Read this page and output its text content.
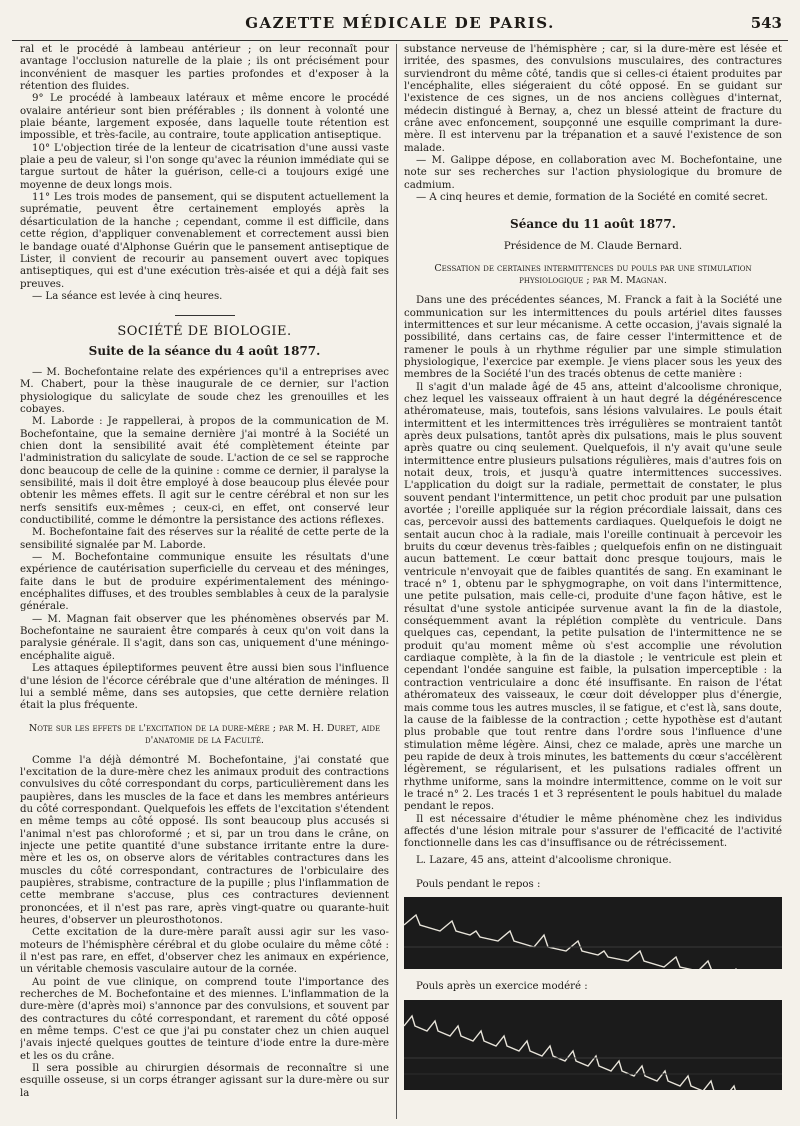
GAZETTE MÉDICALE DE PARIS.	543

ral et le procédé à lambeau antérieur ; on leur reconnaît pour avantage l'occlusion naturelle de la plaie ; ils ont précisément pour inconvénient de masquer les parties profondes et d'exposer à la rétention des fluides.

9° Le procédé à lambeaux latéraux et même encore le procédé ovalaire antérieur sont bien préférables ; ils donnent à volonté une plaie béante, largement exposée, dans laquelle toute rétention est impossible, et très-facile, au contraire, toute application antiseptique.

10° L'objection tirée de la lenteur de cicatrisation d'une aussi vaste plaie a peu de valeur, si l'on songe qu'avec la réunion immédiate qui se targue surtout de hâter la guérison, celle-ci a toujours exigé une moyenne de deux longs mois.

11° Les trois modes de pansement, qui se disputent actuellement la suprématie, peuvent être certainement employés après la désarticulation de la hanche ; cependant, comme il est difficile, dans cette région, d'appliquer convenablement et correctement aussi bien le bandage ouaté d'Alphonse Guérin que le pansement antiseptique de Lister, il convient de recourir au pansement ouvert avec topiques antiseptiques, qui est d'une exécution très-aisée et qui a déjà fait ses preuves.

— La séance est levée à cinq heures.

SOCIÉTÉ DE BIOLOGIE.
Suite de la séance du 4 août 1877.

— M. Bochefontaine relate des expériences qu'il a entreprises avec M. Chabert, pour la thèse inaugurale de ce dernier, sur l'action physiologique du salicylate de soude chez les grenouilles et les cobayes.

M. Laborde : Je rappellerai, à propos de la communication de M. Bochefontaine, que la semaine dernière j'ai montré à la Société un chien dont la sensibilité avait été complètement éteinte par l'administration du salicylate de soude. L'action de ce sel se rapproche donc beaucoup de celle de la quinine : comme ce dernier, il paralyse la sensibilité, mais il doit être employé à dose beaucoup plus élevée pour obtenir les mêmes effets. Il agit sur le centre cérébral et non sur les nerfs sensitifs eux-mêmes ; ceux-ci, en effet, ont conservé leur conductibilité, comme le démontre la persistance des actions réflexes.

M. Bochefontaine fait des réserves sur la réalité de cette perte de la sensibilité signalée par M. Laborde.

— M. Bochefontaine communique ensuite les résultats d'une expérience de cautérisation superficielle du cerveau et des méninges, faite dans le but de produire expérimentalement des méningo-encéphalites diffuses, et des troubles semblables à ceux de la paralysie générale.

— M. Magnan fait observer que les phénomènes observés par M. Bochefontaine ne sauraient être comparés à ceux qu'on voit dans la paralysie générale. Il s'agit, dans son cas, uniquement d'une méningo-encéphalite aiguë.

Les attaques épileptiformes peuvent être aussi bien sous l'influence d'une lésion de l'écorce cérébrale que d'une altération de méninges. Il lui a semblé même, dans ses autopsies, que cette dernière relation était la plus fréquente.

Note sur les effets de l'excitation de la dure-mère ; par M. H. Duret, aide d'anatomie de la Faculté.

Comme l'a déjà démontré M. Bochefontaine, j'ai constaté que l'excitation de la dure-mère chez les animaux produit des contractions convulsives du côté correspondant du corps, particulièrement dans les paupières, dans les muscles de la face et dans les membres antérieurs du côté correspondant. Quelquefois les effets de l'excitation s'étendent en même temps au côté opposé. Ils sont beaucoup plus accusés si l'animal n'est pas chloroformé ; et si, par un trou dans le crâne, on injecte une petite quantité d'une substance irritante entre la dure-mère et les os, on observe alors de véritables contractures dans les muscles du côté correspondant, contractures de l'orbiculaire des paupières, strabisme, contracture de la pupille ; plus l'inflammation de cette membrane s'accuse, plus ces contractures deviennent prononcées, et il n'est pas rare, après vingt-quatre ou quarante-huit heures, d'observer un pleurosthotonos.

Cette excitation de la dure-mère paraît aussi agir sur les vaso-moteurs de l'hémisphère cérébral et du globe oculaire du même côté : il n'est pas rare, en effet, d'observer chez les animaux en expérience, un véritable chemosis vasculaire autour de la cornée.

Au point de vue clinique, on comprend toute l'importance des recherches de M. Bochefontaine et des miennes. L'inflammation de la dure-mère (d'après moi) s'annonce par des convulsions, et souvent par des contractures du côté correspondant, et rarement du côté opposé en même temps. C'est ce que j'ai pu constater chez un chien auquel j'avais injecté quelques gouttes de teinture d'iode entre la dure-mère et les os du crâne.

Il sera possible au chirurgien désormais de reconnaître si une esquille osseuse, si un corps étranger agissant sur la dure-mère ou sur la

substance nerveuse de l'hémisphère ; car, si la dure-mère est lésée et irritée, des spasmes, des convulsions musculaires, des contractures surviendront du même côté, tandis que si celles-ci étaient produites par l'encéphalite, elles siégeraient du côté opposé. En se guidant sur l'existence de ces signes, un de nos anciens collègues d'internat, médecin distingué à Bernay, a, chez un blessé atteint de fracture du crâne avec enfoncement, soupçonné une esquille comprimant la dure-mère. Il est intervenu par la trépanation et a sauvé l'existence de son malade.

— M. Galippe dépose, en collaboration avec M. Bochefontaine, une note sur ses recherches sur l'action physiologique du bromure de cadmium.

— A cinq heures et demie, formation de la Société en comité secret.

Séance du 11 août 1877.
Présidence de M. Claude Bernard.
Cessation de certaines intermittences du pouls par une stimulation physiologique ; par M. Magnan.

Dans une des précédentes séances, M. Franck a fait à la Société une communication sur les intermittences du pouls artériel dites fausses intermittences et sur leur mécanisme. A cette occasion, j'avais signalé la possibilité, dans certains cas, de faire cesser l'intermittence et de ramener le pouls à un rhythme régulier par une simple stimulation physiologique, l'exercice par exemple. Je viens placer sous les yeux des membres de la Société l'un des tracés obtenus de cette manière :

Il s'agit d'un malade âgé de 45 ans, atteint d'alcoolisme chronique, chez lequel les vaisseaux offraient à un haut degré la dégénérescence athéromateuse, mais, toutefois, sans lésions valvulaires. Le pouls était intermittent et les intermittences très irrégulières se montraient tantôt après deux pulsations, tantôt après dix pulsations, mais le plus souvent après quatre ou cinq seulement. Quelquefois, il n'y avait qu'une seule intermittence entre plusieurs pulsations régulières, mais d'autres fois on notait deux, trois, et jusqu'à quatre intermittences successives. L'application du doigt sur la radiale, permettait de constater, le plus souvent pendant l'intermittence, un petit choc produit par une pulsation avortée ; l'oreille appliquée sur la région précordiale laissait, dans ces cas, percevoir aussi des battements cardiaques. Quelquefois le doigt ne sentait aucun choc à la radiale, mais l'oreille continuait à percevoir les bruits du cœur devenus très-faibles ; quelquefois enfin on ne distinguait aucun battement. Le cœur battait donc presque toujours, mais le ventricule n'envoyait que de faibles quantités de sang. En examinant le tracé n° 1, obtenu par le sphygmographe, on voit dans l'intermittence, une petite pulsation, mais celle-ci, produite d'une façon hâtive, est le résultat d'une systole anticipée survenue avant la fin de la diastole, conséquemment avant la réplétion complète du ventricule. Dans quelques cas, cependant, la petite pulsation de l'intermittence ne se produit qu'au moment même où s'est accomplie une révolution cardiaque complète, à la fin de la diastole ; le ventricule est plein et cependant l'ondée sanguine est faible, la pulsation imperceptible : la contraction ventriculaire a donc été insuffisante. En raison de l'état athéromateux des vaisseaux, le cœur doit développer plus d'énergie, mais comme tous les autres muscles, il se fatigue, et c'est là, sans doute, la cause de la faiblesse de la contraction ; cette hypothèse est d'autant plus probable que tout rentre dans l'ordre sous l'influence d'une stimulation même légère. Ainsi, chez ce malade, après une marche un peu rapide de deux à trois minutes, les battements du cœur s'accélèrent légèrement, se régularisent, et les pulsations radiales offrent un rhythme uniforme, sans la moindre intermittence, comme on le voit sur le tracé n° 2. Les tracés 1 et 3 représentent le pouls habituel du malade pendant le repos.

Il est nécessaire d'étudier le même phénomène chez les individus affectés d'une lésion mitrale pour s'assurer de l'efficacité de l'activité fonctionnelle dans les cas d'insuffisance ou de rétrécissement.

L. Lazare, 45 ans, atteint d'alcoolisme chronique.

Pouls pendant le repos :

Pouls après un exercice modéré :
